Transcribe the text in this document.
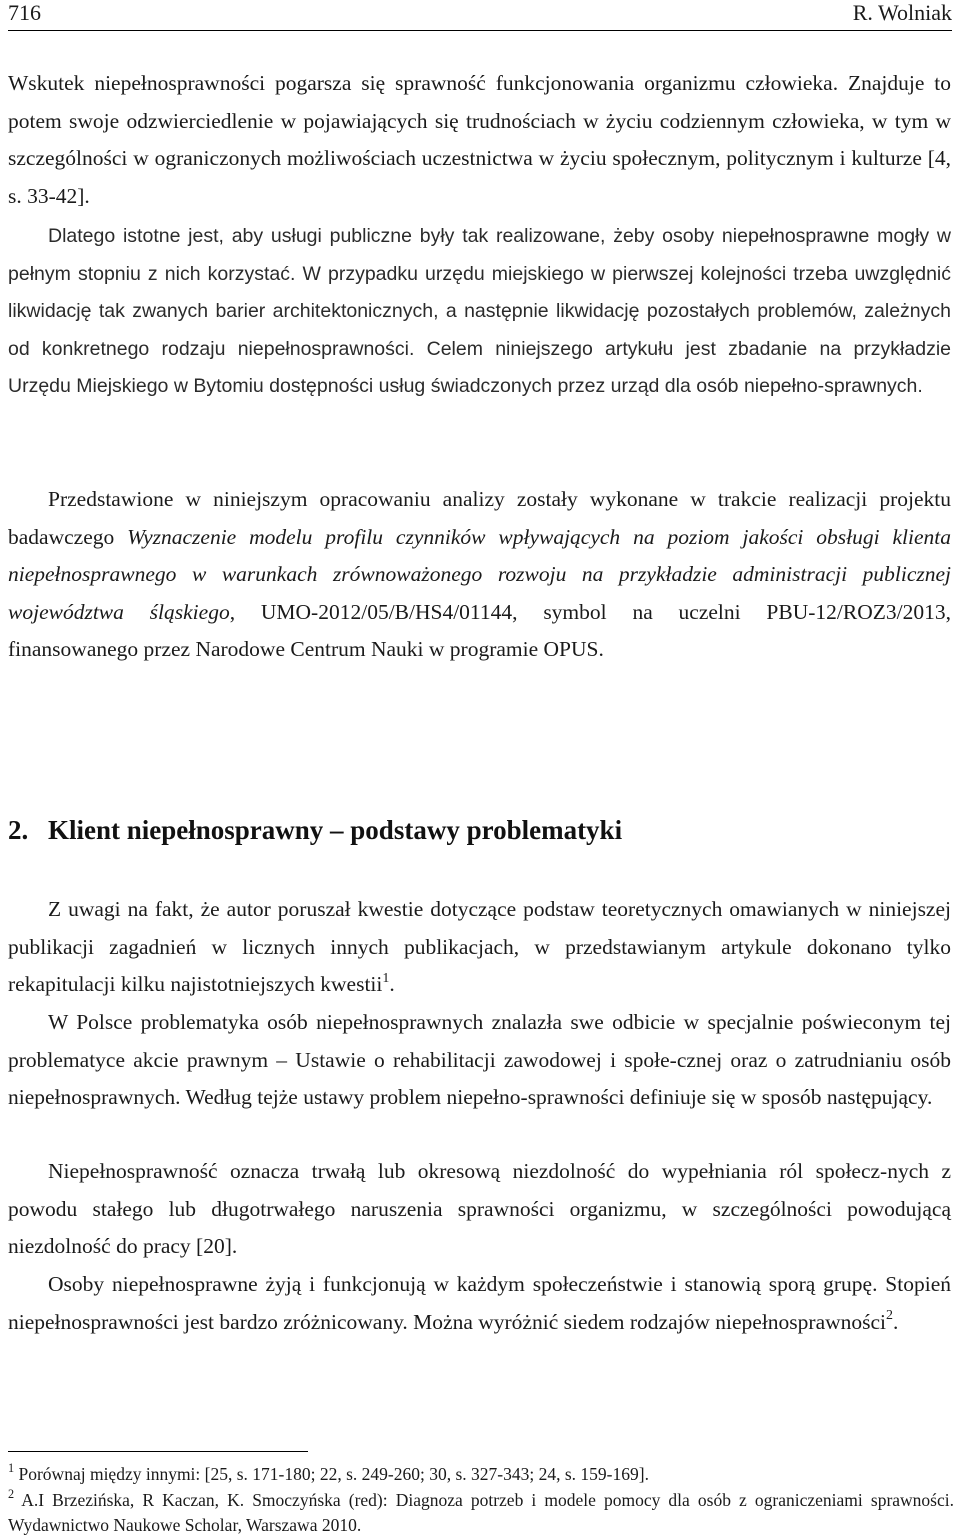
716	R. Wolniak

Wskutek niepełnosprawności pogarsza się sprawność funkcjonowania organizmu człowieka. Znajduje to potem swoje odzwierciedlenie w pojawiających się trudnościach w życiu codziennym człowieka, w tym w szczególności w ograniczonych możliwościach uczestnictwa w życiu społecznym, politycznym i kulturze [4, s. 33-42].

Dlatego istotne jest, aby usługi publiczne były tak realizowane, żeby osoby niepełnosprawne mogły w pełnym stopniu z nich korzystać. W przypadku urzędu miejskiego w pierwszej kolejności trzeba uwzględnić likwidację tak zwanych barier architektonicznych, a następnie likwidację pozostałych problemów, zależnych od konkretnego rodzaju niepełnosprawności. Celem niniejszego artykułu jest zbadanie na przykładzie Urzędu Miejskiego w Bytomiu dostępności usług świadczonych przez urząd dla osób niepełno-sprawnych.

Przedstawione w niniejszym opracowaniu analizy zostały wykonane w trakcie realizacji projektu badawczego Wyznaczenie modelu profilu czynników wpływających na poziom jakości obsługi klienta niepełnosprawnego w warunkach zrównoważonego rozwoju na przykładzie administracji publicznej województwa śląskiego, UMO-2012/05/B/HS4/01144, symbol na uczelni PBU-12/ROZ3/2013, finansowanego przez Narodowe Centrum Nauki w programie OPUS.

2. Klient niepełnosprawny – podstawy problematyki

Z uwagi na fakt, że autor poruszał kwestie dotyczące podstaw teoretycznych omawianych w niniejszej publikacji zagadnień w licznych innych publikacjach, w przedstawianym artykule dokonano tylko rekapitulacji kilku najistotniejszych kwestii$^1$.

W Polsce problematyka osób niepełnosprawnych znalazła swe odbicie w specjalnie poświeconym tej problematyce akcie prawnym – Ustawie o rehabilitacji zawodowej i społe-cznej oraz o zatrudnianiu osób niepełnosprawnych. Według tejże ustawy problem niepełno-sprawności definiuje się w sposób następujący.

Niepełnosprawność oznacza trwałą lub okresową niezdolność do wypełniania ról społecz-nych z powodu stałego lub długotrwałego naruszenia sprawności organizmu, w szczególności powodującą niezdolność do pracy [20].

Osoby niepełnosprawne żyją i funkcjonują w każdym społeczeństwie i stanowią sporą grupę. Stopień niepełnosprawności jest bardzo zróżnicowany. Można wyróżnić siedem rodzajów niepełnosprawności$^2$.

$^1$ Porównaj między innymi: [25, s. 171-180; 22, s. 249-260; 30, s. 327-343; 24, s. 159-169].

$^2$ A.I Brzezińska, R Kaczan, K. Smoczyńska (red): Diagnoza potrzeb i modele pomocy dla osób z ograniczeniami sprawności. Wydawnictwo Naukowe Scholar, Warszawa 2010.
